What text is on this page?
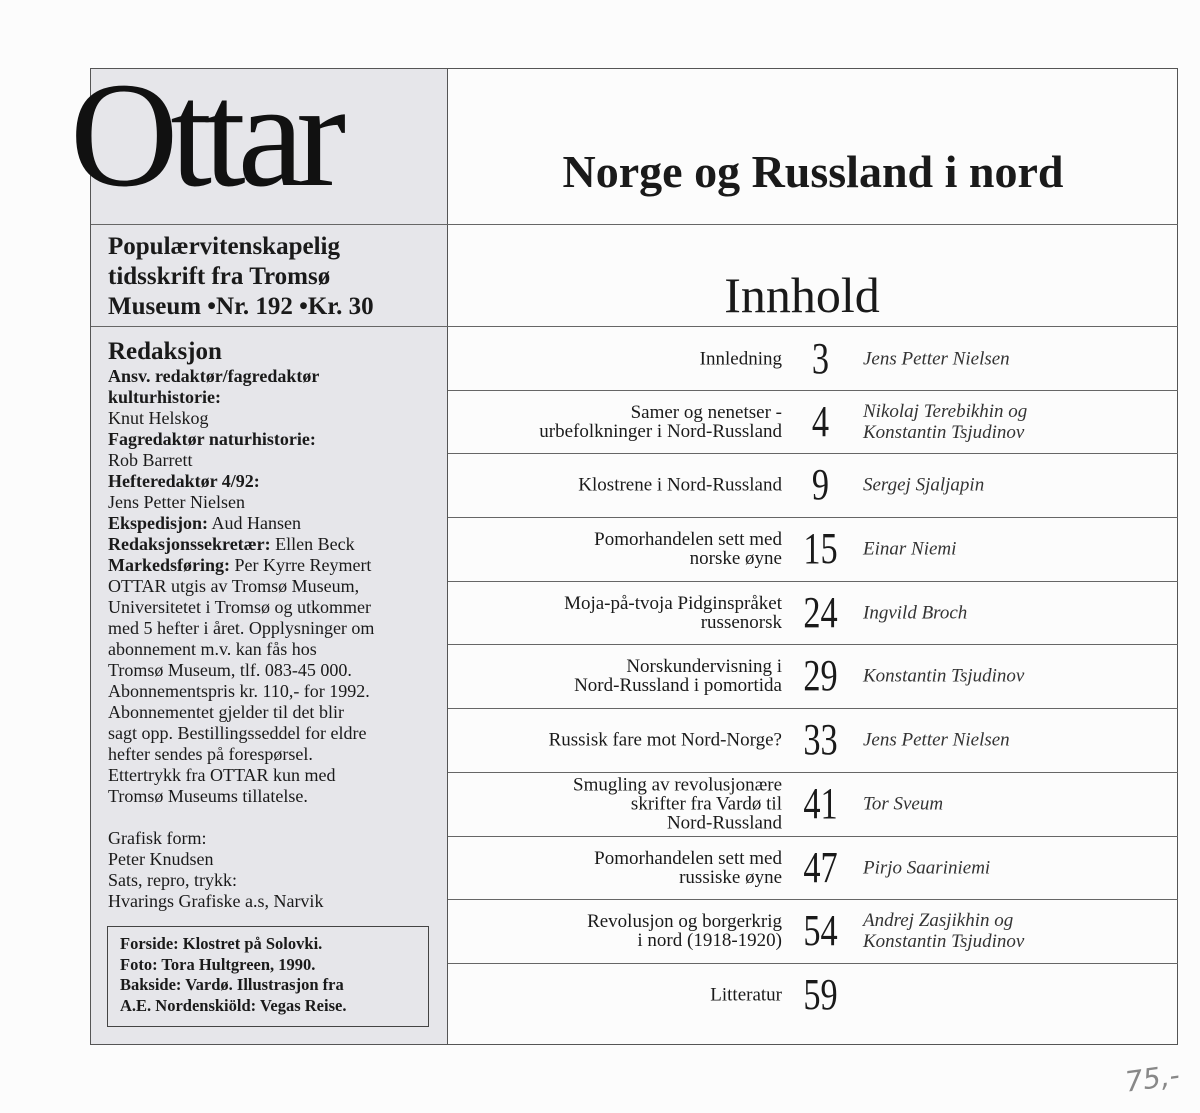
Ottar
Populærvitenskapelig
tidsskrift fra Tromsø
Museum •Nr. 192 •Kr. 30
Redaksjon
Ansv. redaktør/fagredaktør
kulturhistorie:
Knut Helskog
Fagredaktør naturhistorie:
Rob Barrett
Hefteredaktør 4/92:
Jens Petter Nielsen
Ekspedisjon: Aud Hansen
Redaksjonssekretær: Ellen Beck
Markedsføring: Per Kyrre Reymert
OTTAR utgis av Tromsø Museum,
Universitetet i Tromsø og utkommer
med 5 hefter i året. Opplysninger om
abonnement m.v. kan fås hos
Tromsø Museum, tlf. 083-45 000.
Abonnementspris kr. 110,- for 1992.
Abonnementet gjelder til det blir
sagt opp. Bestillingsseddel for eldre
hefter sendes på forespørsel.
Ettertrykk fra OTTAR kun med
Tromsø Museums tillatelse.
Grafisk form:
Peter Knudsen
Sats, repro, trykk:
Hvarings Grafiske a.s, Narvik
Forside: Klostret på Solovki.
Foto: Tora Hultgreen, 1990.
Bakside: Vardø. Illustrasjon fra
A.E. Nordenskiöld: Vegas Reise.
Norge og Russland i nord
Innhold
Innledning 3	Jens Petter Nielsen
Samer og nenetser -
urbefolkninger i Nord-Russland 4	Nikolaj Terebikhin og
Konstantin Tsjudinov
Klostrene i Nord-Russland 9	Sergej Sjaljapin
Pomorhandelen sett med
norske øyne 15	Einar Niemi
Moja-på-tvoja Pidginspråket
russenorsk 24	Ingvild Broch
Norskundervisning i
Nord-Russland i pomortida 29	Konstantin Tsjudinov
Russisk fare mot Nord-Norge? 33	Jens Petter Nielsen
Smugling av revolusjonære
skrifter fra Vardø til
Nord-Russland 41	Tor Sveum
Pomorhandelen sett med
russiske øyne 47	Pirjo Saariniemi
Revolusjon og borgerkrig
i nord (1918-1920) 54	Andrej Zasjikhin og
Konstantin Tsjudinov
Litteratur 59
75,-
